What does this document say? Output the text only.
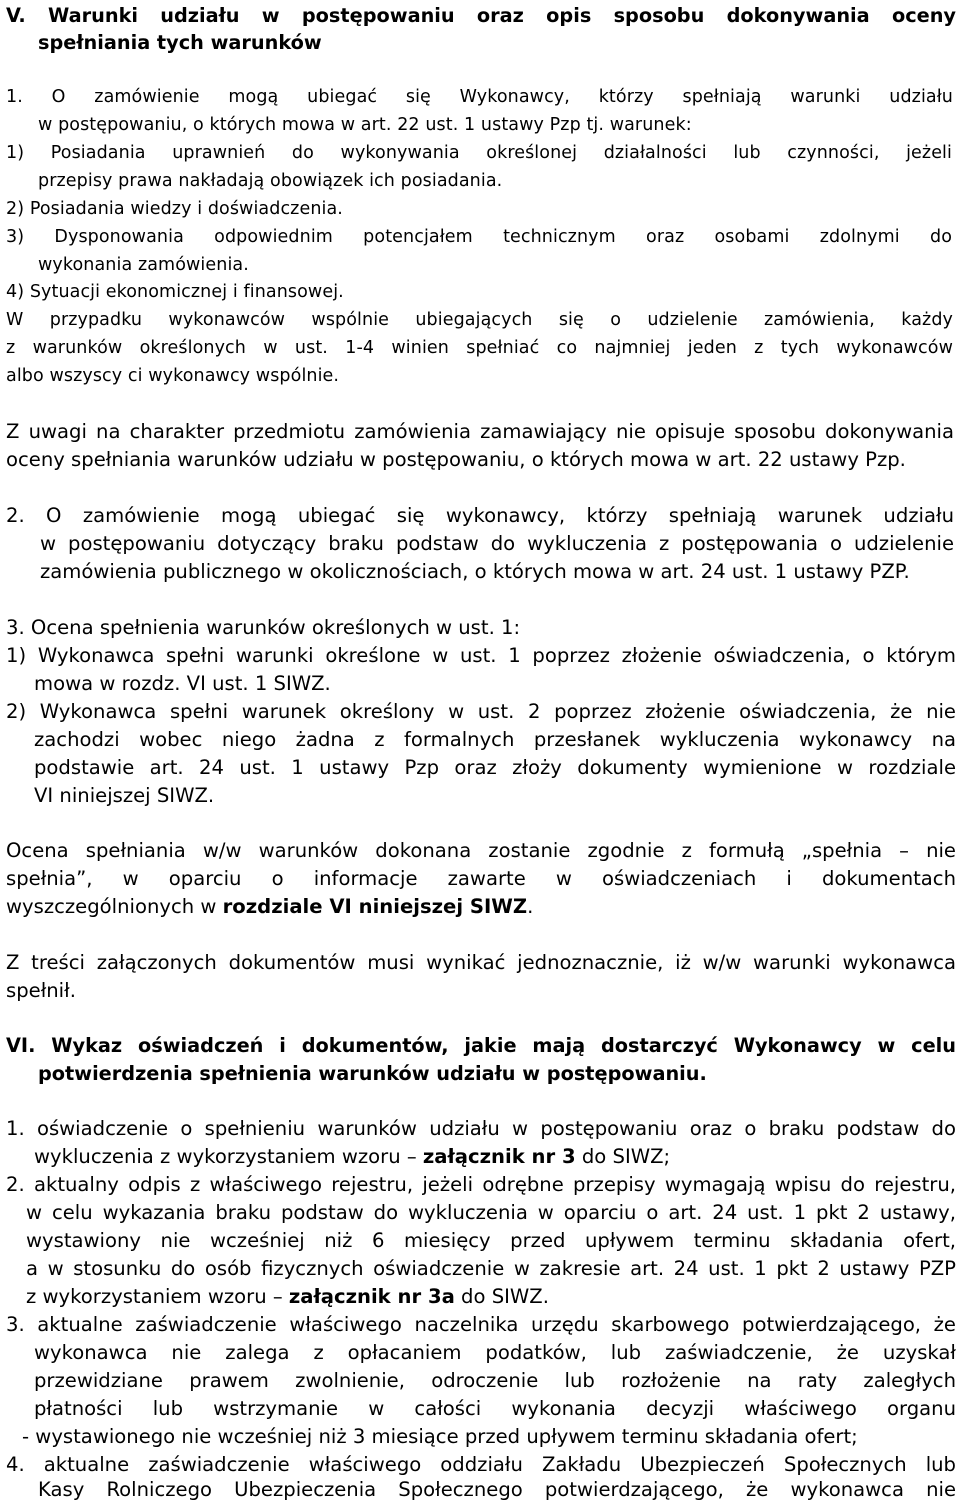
V. Warunki udziału w postępowaniu oraz opis sposobu dokonywania oceny

spełniania tych warunków

1. O zamówienie mogą ubiegać się Wykonawcy, którzy spełniają warunki udziału

w postępowaniu, o których mowa w art. 22 ust. 1 ustawy Pzp tj. warunek:

1) Posiadania uprawnień do wykonywania określonej działalności lub czynności, jeżeli

przepisy prawa nakładają obowiązek ich posiadania.

2) Posiadania wiedzy i doświadczenia.

3) Dysponowania odpowiednim potencjałem technicznym oraz osobami zdolnymi do

wykonania zamówienia.

4) Sytuacji ekonomicznej i finansowej.

W przypadku wykonawców wspólnie ubiegających się o udzielenie zamówienia, każdy

z warunków określonych w ust. 1-4 winien spełniać co najmniej jeden z tych wykonawców

albo wszyscy ci wykonawcy wspólnie.

Z uwagi na charakter przedmiotu zamówienia zamawiający nie opisuje sposobu dokonywania

oceny spełniania warunków udziału w postępowaniu, o których mowa w art. 22 ustawy Pzp.

2. O zamówienie mogą ubiegać się wykonawcy, którzy spełniają warunek udziału

w postępowaniu dotyczący braku podstaw do wykluczenia z postępowania o udzielenie

zamówienia publicznego w okolicznościach, o których mowa w art. 24 ust. 1 ustawy PZP.

3. Ocena spełnienia warunków określonych w ust. 1:

1) Wykonawca spełni warunki określone w ust. 1 poprzez złożenie oświadczenia, o którym

mowa w rozdz. VI ust. 1 SIWZ.

2) Wykonawca spełni warunek określony w ust. 2 poprzez złożenie oświadczenia, że nie

zachodzi wobec niego żadna z formalnych przesłanek wykluczenia wykonawcy na

podstawie art. 24 ust. 1 ustawy Pzp oraz złoży dokumenty wymienione w rozdziale

VI niniejszej SIWZ.

Ocena spełniania w/w warunków dokonana zostanie zgodnie z formułą „spełnia – nie

spełnia”, w oparciu o informacje zawarte w oświadczeniach i dokumentach

wyszczególnionych w rozdziale VI niniejszej SIWZ.

Z treści załączonych dokumentów musi wynikać jednoznacznie, iż w/w warunki wykonawca

spełnił.

VI. Wykaz oświadczeń i dokumentów, jakie mają dostarczyć Wykonawcy w celu

potwierdzenia spełnienia warunków udziału w postępowaniu.

1. oświadczenie o spełnieniu warunków udziału w postępowaniu oraz o braku podstaw do

wykluczenia z wykorzystaniem wzoru – załącznik nr 3 do SIWZ;

2. aktualny odpis z właściwego rejestru, jeżeli odrębne przepisy wymagają wpisu do rejestru,

w celu wykazania braku podstaw do wykluczenia w oparciu o art. 24 ust. 1 pkt 2 ustawy,

wystawiony nie wcześniej niż 6 miesięcy przed upływem terminu składania ofert,

a w stosunku do osób fizycznych oświadczenie w zakresie art. 24 ust. 1 pkt 2 ustawy PZP

z wykorzystaniem wzoru – załącznik nr 3a do SIWZ.

3. aktualne zaświadczenie właściwego naczelnika urzędu skarbowego potwierdzającego, że

wykonawca nie zalega z opłacaniem podatków, lub zaświadczenie, że uzyskał

przewidziane prawem zwolnienie, odroczenie lub rozłożenie na raty zaległych

płatności lub wstrzymanie w całości wykonania decyzji właściwego organu

- wystawionego nie wcześniej niż 3 miesiące przed upływem terminu składania ofert;

4. aktualne zaświadczenie właściwego oddziału Zakładu Ubezpieczeń Społecznych lub

Kasy Rolniczego Ubezpieczenia Społecznego potwierdzającego, że wykonawca nie
